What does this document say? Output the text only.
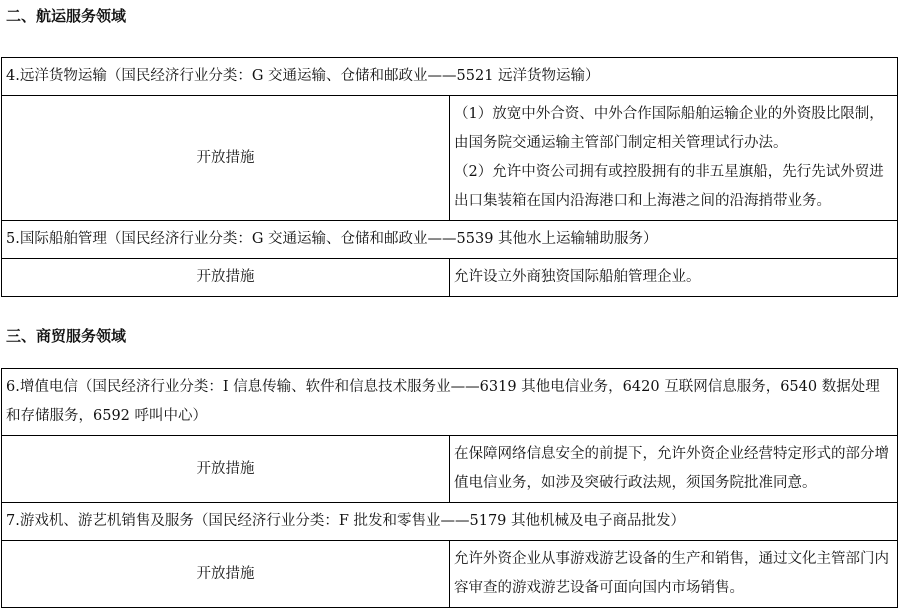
二、航运服务领域
4.远洋货物运输（国民经济行业分类：G 交通运输、仓储和邮政业——5521 远洋货物运输）	
开放措施	（1）放宽中外合资、中外合作国际船舶运输企业的外资股比限制，由国务院交通运输主管部门制定相关管理试行办法。

（2）允许中资公司拥有或控股拥有的非五星旗船，先行先试外贸进出口集装箱在国内沿海港口和上海港之间的沿海捎带业务。

5.国际船舶管理（国民经济行业分类：G 交通运输、仓储和邮政业——5539 其他水上运输辅助服务）	
开放措施	允许设立外商独资国际船舶管理企业。

三、商贸服务领域
6.增值电信（国民经济行业分类：I 信息传输、软件和信息技术服务业——6319 其他电信业务，6420 互联网信息服务，6540 数据处理和存储服务，6592 呼叫中心）	
开放措施	在保障网络信息安全的前提下，允许外资企业经营特定形式的部分增值电信业务，如涉及突破行政法规，须国务院批准同意。

7.游戏机、游艺机销售及服务（国民经济行业分类：F 批发和零售业——5179 其他机械及电子商品批发）	
开放措施	允许外资企业从事游戏游艺设备的生产和销售，通过文化主管部门内容审查的游戏游艺设备可面向国内市场销售。
